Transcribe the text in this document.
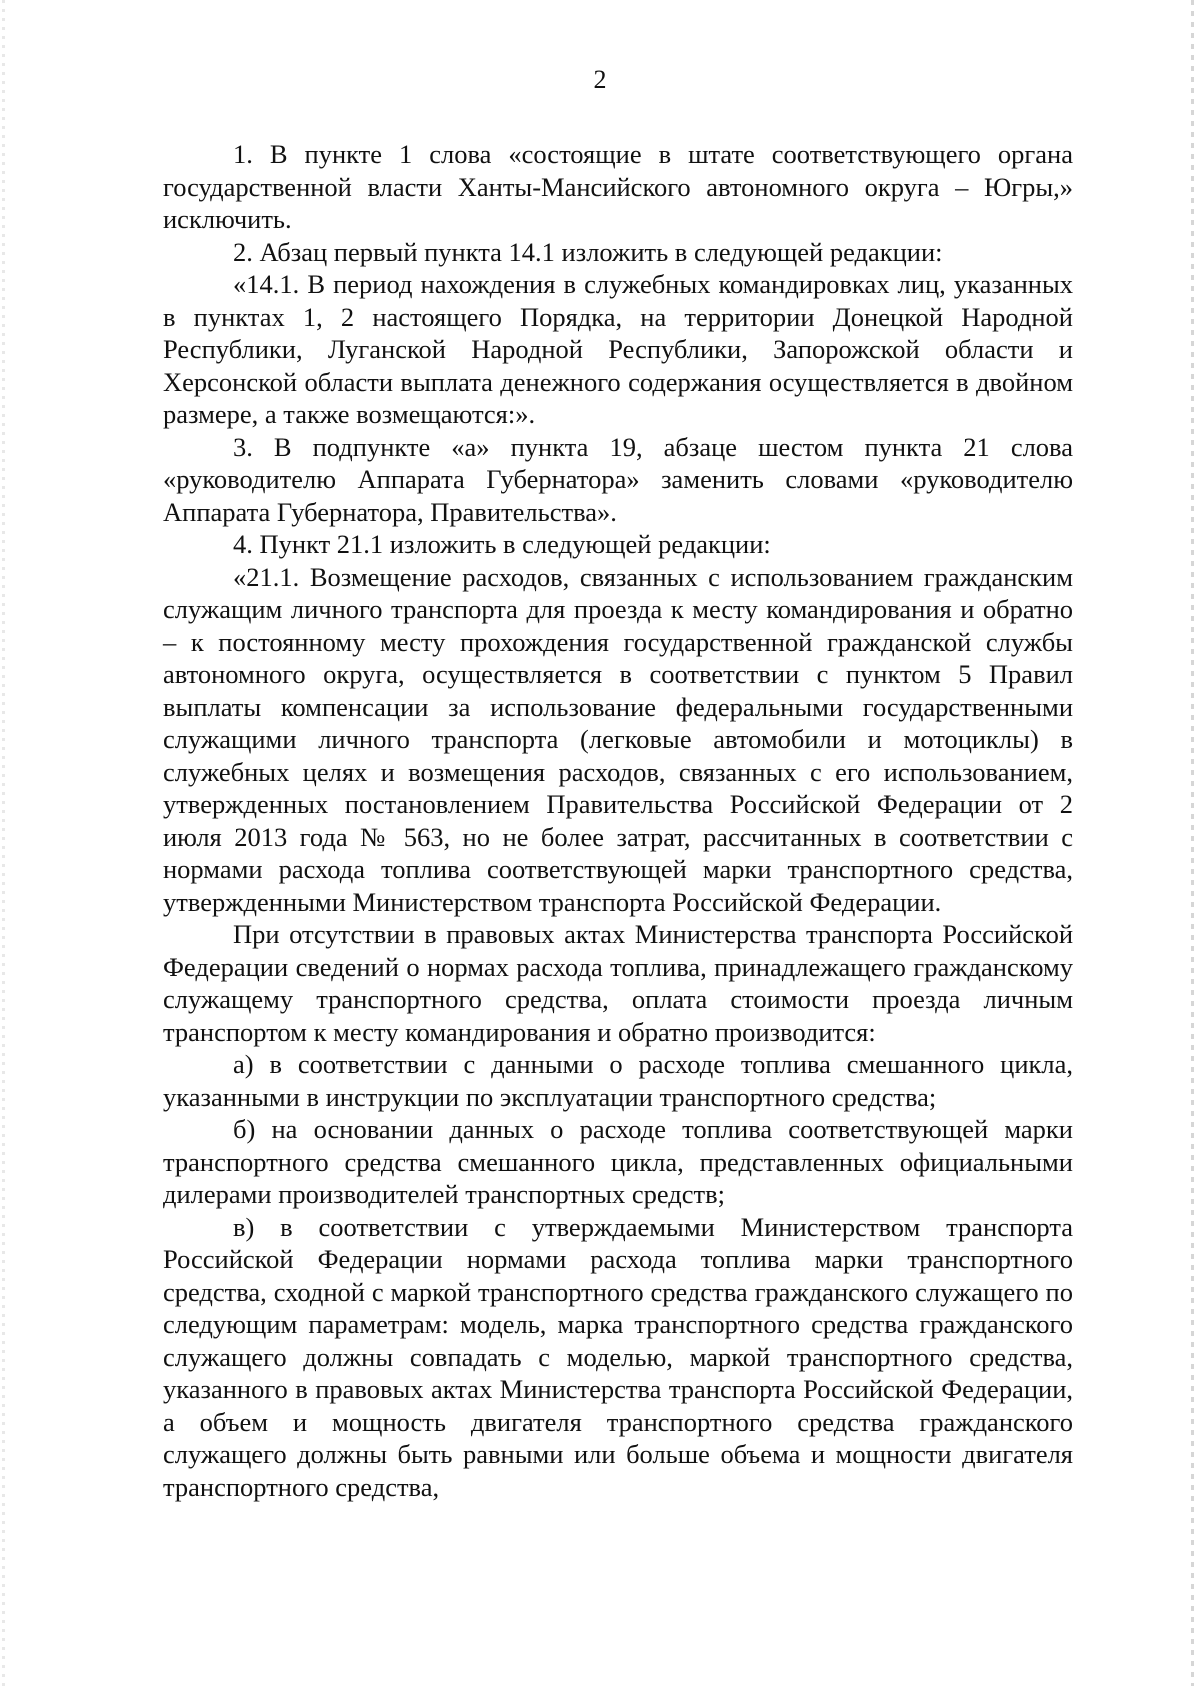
2

1. В пункте 1 слова «состоящие в штате соответствующего органа государственной власти Ханты-Мансийского автономного округа – Югры,» исключить.

2. Абзац первый пункта 14.1 изложить в следующей редакции:

«14.1. В период нахождения в служебных командировках лиц, указанных в пунктах 1, 2 настоящего Порядка, на территории Донецкой Народной Республики, Луганской Народной Республики, Запорожской области и Херсонской области выплата денежного содержания осуществляется в двойном размере, а также возмещаются:».

3. В подпункте «а» пункта 19, абзаце шестом пункта 21 слова «руководителю Аппарата Губернатора» заменить словами «руководителю Аппарата Губернатора, Правительства».

4. Пункт 21.1 изложить в следующей редакции:

«21.1. Возмещение расходов, связанных с использованием гражданским служащим личного транспорта для проезда к месту командирования и обратно – к постоянному месту прохождения государственной гражданской службы автономного округа, осуществляется в соответствии с пунктом 5 Правил выплаты компенсации за использование федеральными государственными служащими личного транспорта (легковые автомобили и мотоциклы) в служебных целях и возмещения расходов, связанных с его использованием, утвержденных постановлением Правительства Российской Федерации от 2 июля 2013 года № 563, но не более затрат, рассчитанных в соответствии с нормами расхода топлива соответствующей марки транспортного средства, утвержденными Министерством транспорта Российской Федерации.

При отсутствии в правовых актах Министерства транспорта Российской Федерации сведений о нормах расхода топлива, принадлежащего гражданскому служащему транспортного средства, оплата стоимости проезда личным транспортом к месту командирования и обратно производится:

а) в соответствии с данными о расходе топлива смешанного цикла, указанными в инструкции по эксплуатации транспортного средства;

б) на основании данных о расходе топлива соответствующей марки транспортного средства смешанного цикла, представленных официальными дилерами производителей транспортных средств;

в) в соответствии с утверждаемыми Министерством транспорта Российской Федерации нормами расхода топлива марки транспортного средства, сходной с маркой транспортного средства гражданского служащего по следующим параметрам: модель, марка транспортного средства гражданского служащего должны совпадать с моделью, маркой транспортного средства, указанного в правовых актах Министерства транспорта Российской Федерации, а объем и мощность двигателя транспортного средства гражданского служащего должны быть равными или больше объема и мощности двигателя транспортного средства,
